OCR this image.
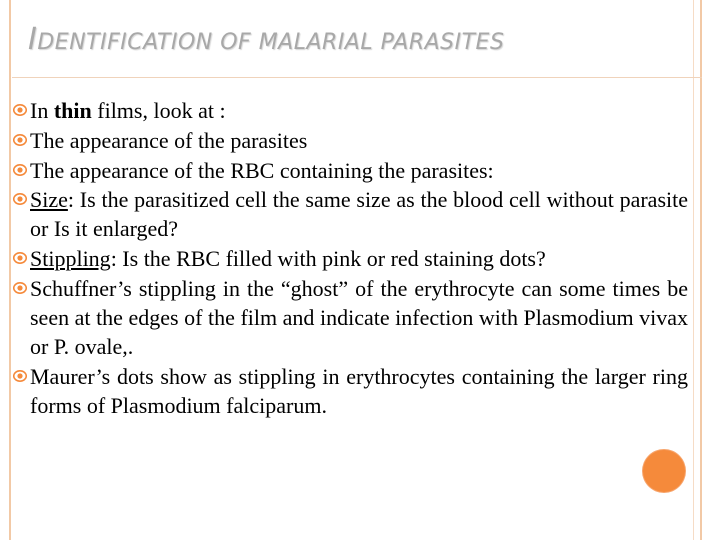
IDENTIFICATION OF MALARIAL PARASITES
In thin films, look at :
The appearance of the parasites
The appearance of the RBC containing the parasites:
Size: Is the parasitized cell the same size as the blood cell without parasite or Is it enlarged?
Stippling: Is the RBC filled with pink or red staining dots?
Schuffner’s stippling in the “ghost” of the erythrocyte can some times be seen at the edges of the film and indicate infection with Plasmodium vivax or P. ovale,.
Maurer’s dots show as stippling in erythrocytes containing the larger ring forms of Plasmodium falciparum.
